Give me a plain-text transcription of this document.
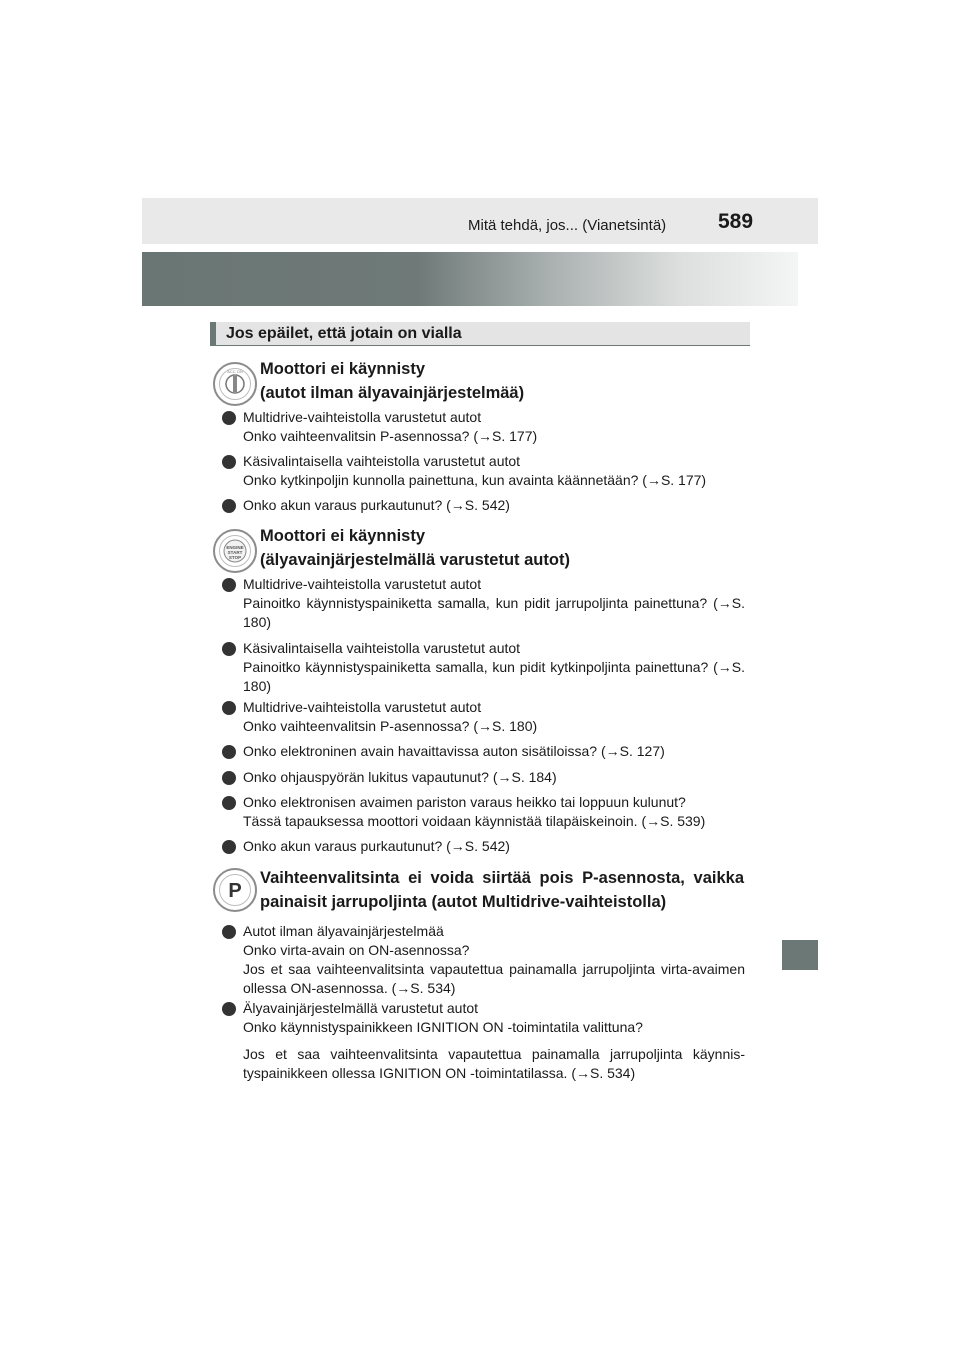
Mitä tehdä, jos... (Vianetsintä)	589
Jos epäilet, että jotain on vialla
ACC ON Moottori ei käynnisty
(autot ilman älyavainjärjestelmää)
Multidrive-vaihteistolla varustetut autot
Onko vaihteenvalitsin P-asennossa? (→S. 177)
Käsivalintaisella vaihteistolla varustetut autot
Onko kytkinpoljin kunnolla painettuna, kun avainta käännetään? (→S. 177)
Onko akun varaus purkautunut? (→S. 542)
ENGINE
START
STOP
Moottori ei käynnisty
(älyavainjärjestelmällä varustetut autot)
Multidrive-vaihteistolla varustetut autot
Painoitko käynnistyspainiketta samalla, kun pidit jarrupoljinta painettuna? (→S. 180)
Käsivalintaisella vaihteistolla varustetut autot
Painoitko käynnistyspainiketta samalla, kun pidit kytkinpoljinta painettuna? (→S. 180)
Multidrive-vaihteistolla varustetut autot
Onko vaihteenvalitsin P-asennossa? (→S. 180)
Onko elektroninen avain havaittavissa auton sisätiloissa? (→S. 127)
Onko ohjauspyörän lukitus vapautunut? (→S. 184)
Onko elektronisen avaimen pariston varaus heikko tai loppuun kulunut?
Tässä tapauksessa moottori voidaan käynnistää tilapäiskeinoin. (→S. 539)
Onko akun varaus purkautunut? (→S. 542)
P
Vaihteenvalitsinta ei voida siirtää pois P-asennosta, vaikka painaisit jarrupoljinta (autot Multidrive-vaihteistolla)
Autot ilman älyavainjärjestelmää
Onko virta-avain on ON-asennossa?
Jos et saa vaihteenvalitsinta vapautettua painamalla jarrupoljinta virta-avaimen ollessa ON-asennossa. (→S. 534)
Älyavainjärjestelmällä varustetut autot
Onko käynnistyspainikkeen IGNITION ON -toimintatila valittuna?
Jos et saa vaihteenvalitsinta vapautettua painamalla jarrupoljinta käynnis-tyspainikkeen ollessa IGNITION ON -toimintatilassa. (→S. 534)
